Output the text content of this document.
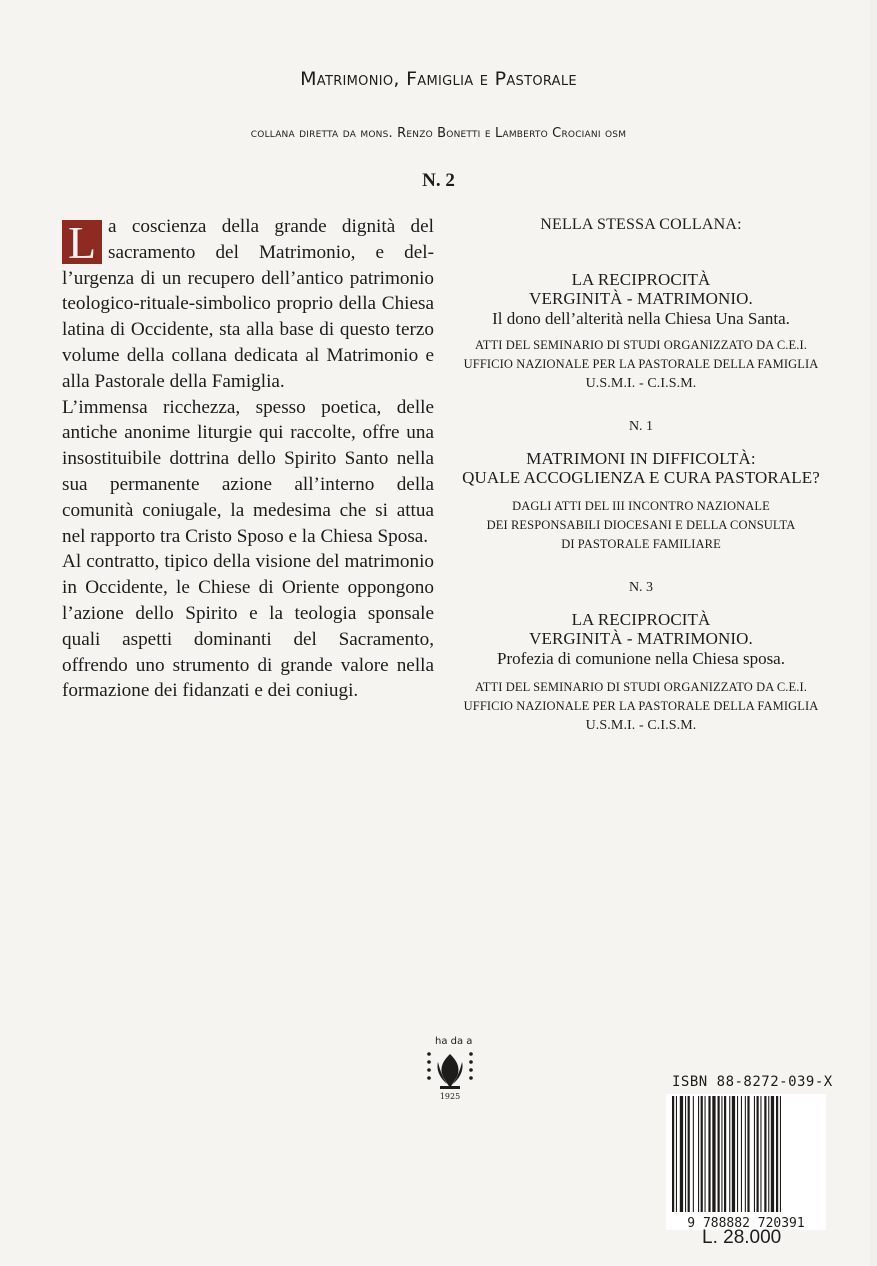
Matrimonio, Famiglia e Pastorale
collana diretta da mons. Renzo Bonetti e Lamberto Crociani osm
N. 2
L a coscienza della grande dignità del sacramento del Matrimonio, e dell’urgenza di un recupero dell’antico patrimonio teologico-rituale-simbolico proprio della Chiesa latina di Occidente, sta alla base di questo terzo volume della collana dedicata al Matrimonio e alla Pastorale della Famiglia.

L’immensa ricchezza, spesso poetica, delle antiche anonime liturgie qui raccolte, offre una insostituibile dottrina dello Spirito Santo nella sua permanente azione all’interno della comunità coniugale, la medesima che si attua nel rapporto tra Cristo Sposo e la Chiesa Sposa.

Al contratto, tipico della visione del matrimonio in Occidente, le Chiese di Oriente oppongono l’azione dello Spirito e la teologia sponsale quali aspetti dominanti del Sacramento, offrendo uno strumento di grande valore nella formazione dei fidanzati e dei coniugi.

NELLA STESSA COLLANA:
LA RECIPROCITÀ
VERGINITÀ - MATRIMONIO.
Il dono dell’alterità nella Chiesa Una Santa.
ATTI DEL SEMINARIO DI STUDI ORGANIZZATO DA C.E.I.
UFFICIO NAZIONALE PER LA PASTORALE DELLA FAMIGLIA
U.S.M.I. - C.I.S.M.
N. 1
MATRIMONI IN DIFFICOLTÀ:
QUALE ACCOGLIENZA E CURA PASTORALE?
DAGLI ATTI DEL III INCONTRO NAZIONALE
DEI RESPONSABILI DIOCESANI E DELLA CONSULTA
DI PASTORALE FAMILIARE
N. 3
LA RECIPROCITÀ
VERGINITÀ - MATRIMONIO.
Profezia di comunione nella Chiesa sposa.
ATTI DEL SEMINARIO DI STUDI ORGANIZZATO DA C.E.I.
UFFICIO NAZIONALE PER LA PASTORALE DELLA FAMIGLIA
U.S.M.I. - C.I.S.M.
ha da a
1925
ISBN 88-8272-039-X
9 788882 720391
L. 28.000
